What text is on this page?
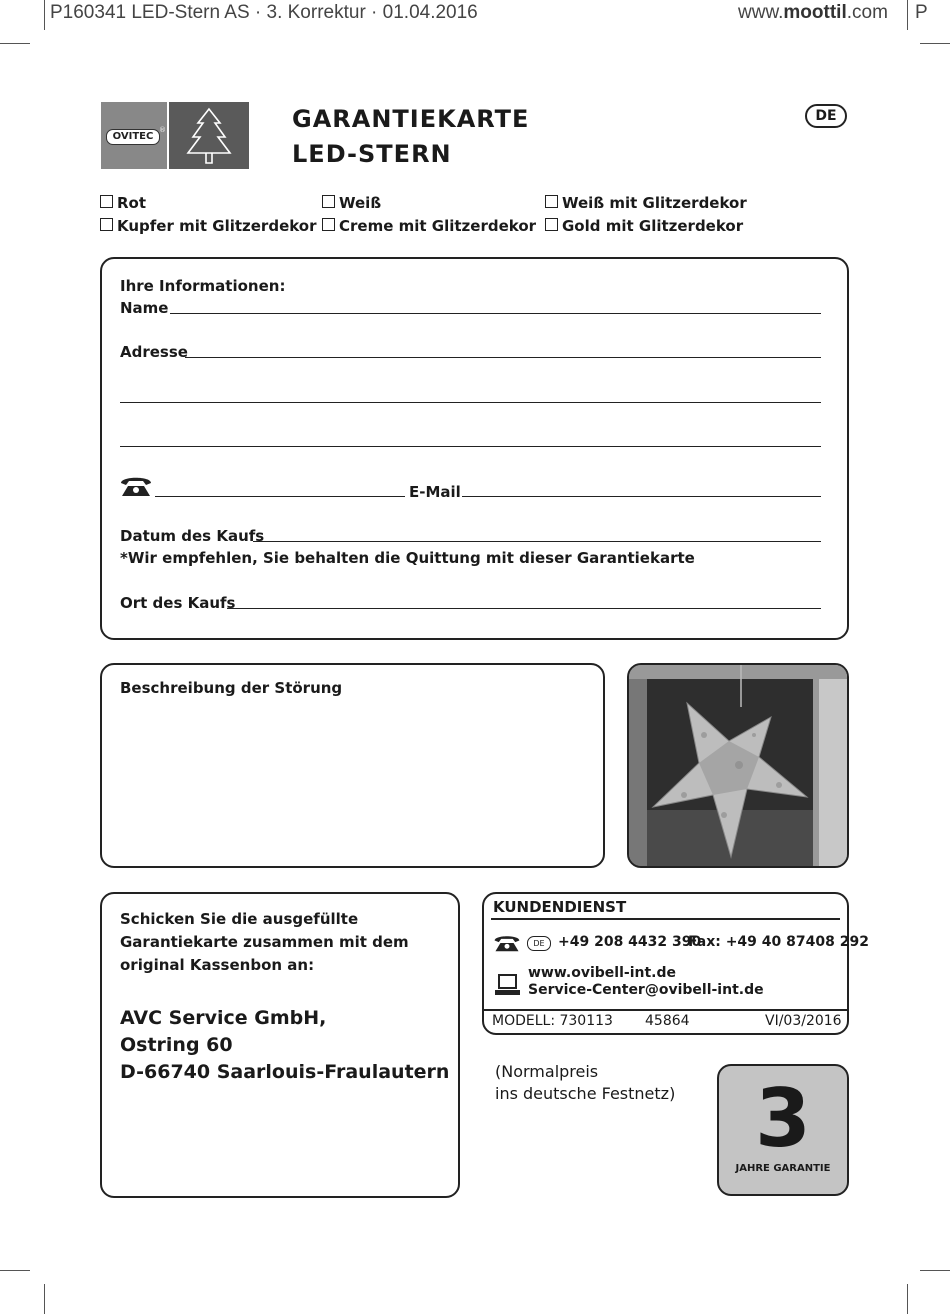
P160341 LED-Stern AS · 3. Korrektur · 01.04.2016	www.moottil.com P
OVITEC
®	GARANTIEKARTE
LED-STERN
DE
Rot	Weiß	Weiß mit Glitzerdekor
Kupfer mit Glitzerdekor	Creme mit Glitzerdekor	Gold mit Glitzerdekor
Ihre Informationen:
Name
Adresse
E-Mail
Datum des Kaufs
*Wir empfehlen, Sie behalten die Quittung mit dieser Garantiekarte
Ort des Kaufs
Beschreibung der Störung
Schicken Sie die ausgefüllte Garantiekarte zusammen mit dem original Kassenbon an:
AVC Service GmbH,
Ostring 60
D-66740 Saarlouis-Fraulautern
KUNDENDIENST
DE +49 208 4432 390
Fax: +49 40 87408 292
www.ovibell-int.de
Service-Center@ovibell-int.de
MODELL: 730113 45864	VI/03/2016
(Normalpreis
ins deutsche Festnetz) 3
JAHRE GARANTIE
